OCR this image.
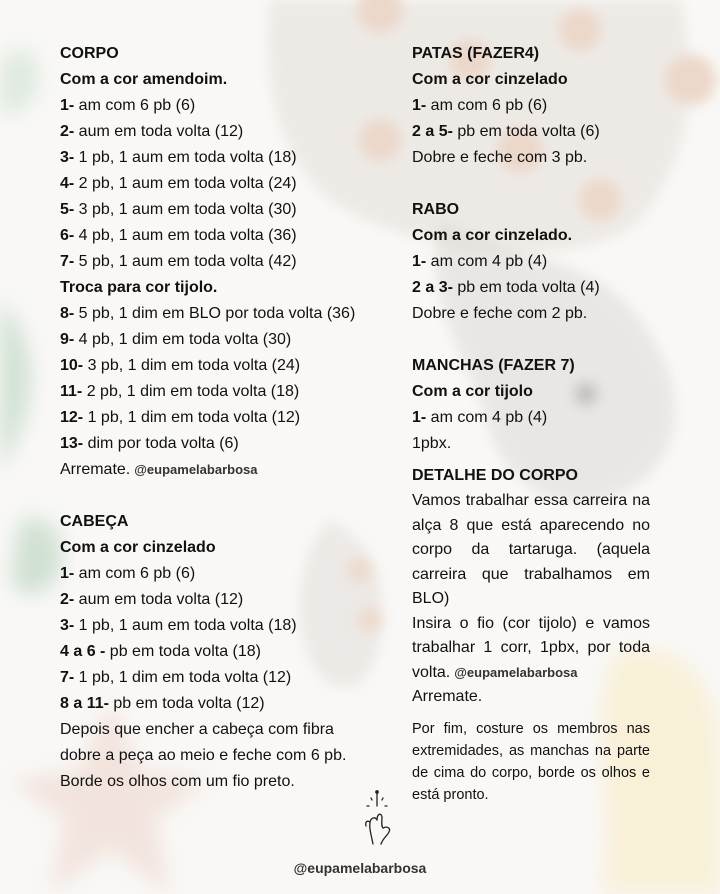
CORPO
Com a cor amendoim.
1- am com 6 pb (6)
2- aum em toda volta (12)
3- 1 pb, 1 aum em toda volta (18)
4- 2 pb, 1 aum em toda volta (24)
5- 3 pb, 1 aum em toda volta (30)
6- 4 pb, 1 aum em toda volta (36)
7- 5 pb, 1 aum em toda volta (42)
Troca para cor tijolo.
8- 5 pb, 1 dim em BLO por toda volta (36)
9- 4 pb, 1 dim em toda volta (30)
10- 3 pb, 1 dim em toda volta (24)
11- 2 pb, 1 dim em toda volta (18)
12- 1 pb, 1 dim em toda volta (12)
13- dim por toda volta (6)
Arremate. @eupamelabarbosa
CABEÇA
Com a cor cinzelado
1- am com 6 pb (6)
2- aum em toda volta (12)
3- 1 pb, 1 aum em toda volta (18)
4 a 6 - pb em toda volta (18)
7- 1 pb, 1 dim em toda volta (12)
8 a 11- pb em toda volta (12)
Depois que encher a cabeça com fibra
dobre a peça ao meio e feche com 6 pb.
Borde os olhos com um fio preto.
PATAS (FAZER4)
Com a cor cinzelado
1- am com 6 pb (6)
2 a 5- pb em toda volta (6)
Dobre e feche com 3 pb.
RABO
Com a cor cinzelado.
1- am com 4 pb (4)
2 a 3- pb em toda volta (4)
Dobre e feche com 2 pb.
MANCHAS (FAZER 7)
Com a cor tijolo
1- am com 4 pb (4)
1pbx.
DETALHE DO CORPO
Vamos trabalhar essa carreira na alça 8 que está aparecendo no corpo da tartaruga. (aquela carreira que trabalhamos em BLO)
Insira o fio (cor tijolo) e vamos trabalhar 1 corr, 1pbx, por toda volta. @eupamelabarbosa
Arremate.
Por fim, costure os membros nas extremidades, as manchas na parte de cima do corpo, borde os olhos e está pronto.
@eupamelabarbosa
